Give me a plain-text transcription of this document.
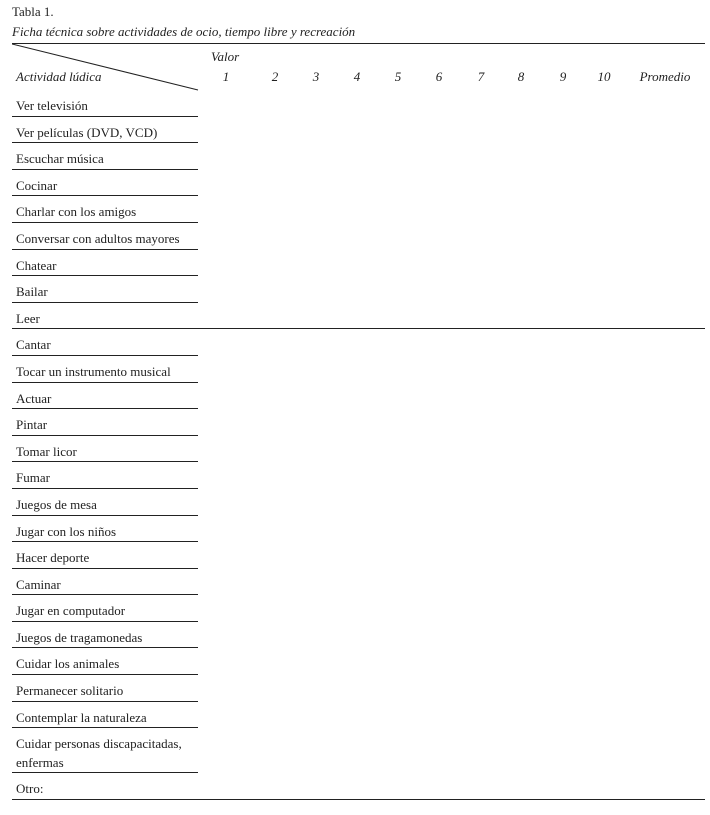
Tabla 1.
Ficha técnica sobre actividades de ocio, tiempo libre y recreación
Actividad lúdica
Valor
1	2	3	4	5	6	7	8	9 10 Promedio
Ver televisión
Ver películas (DVD, VCD)
Escuchar música
Cocinar
Charlar con los amigos
Conversar con adultos mayores
Chatear
Bailar
Leer
Cantar
Tocar un instrumento musical
Actuar
Pintar
Tomar licor
Fumar
Juegos de mesa
Jugar con los niños
Hacer deporte
Caminar
Jugar en computador
Juegos de tragamonedas
Cuidar los animales
Permanecer solitario
Contemplar la naturaleza
Cuidar personas discapacitadas, enfermas
Otro:
